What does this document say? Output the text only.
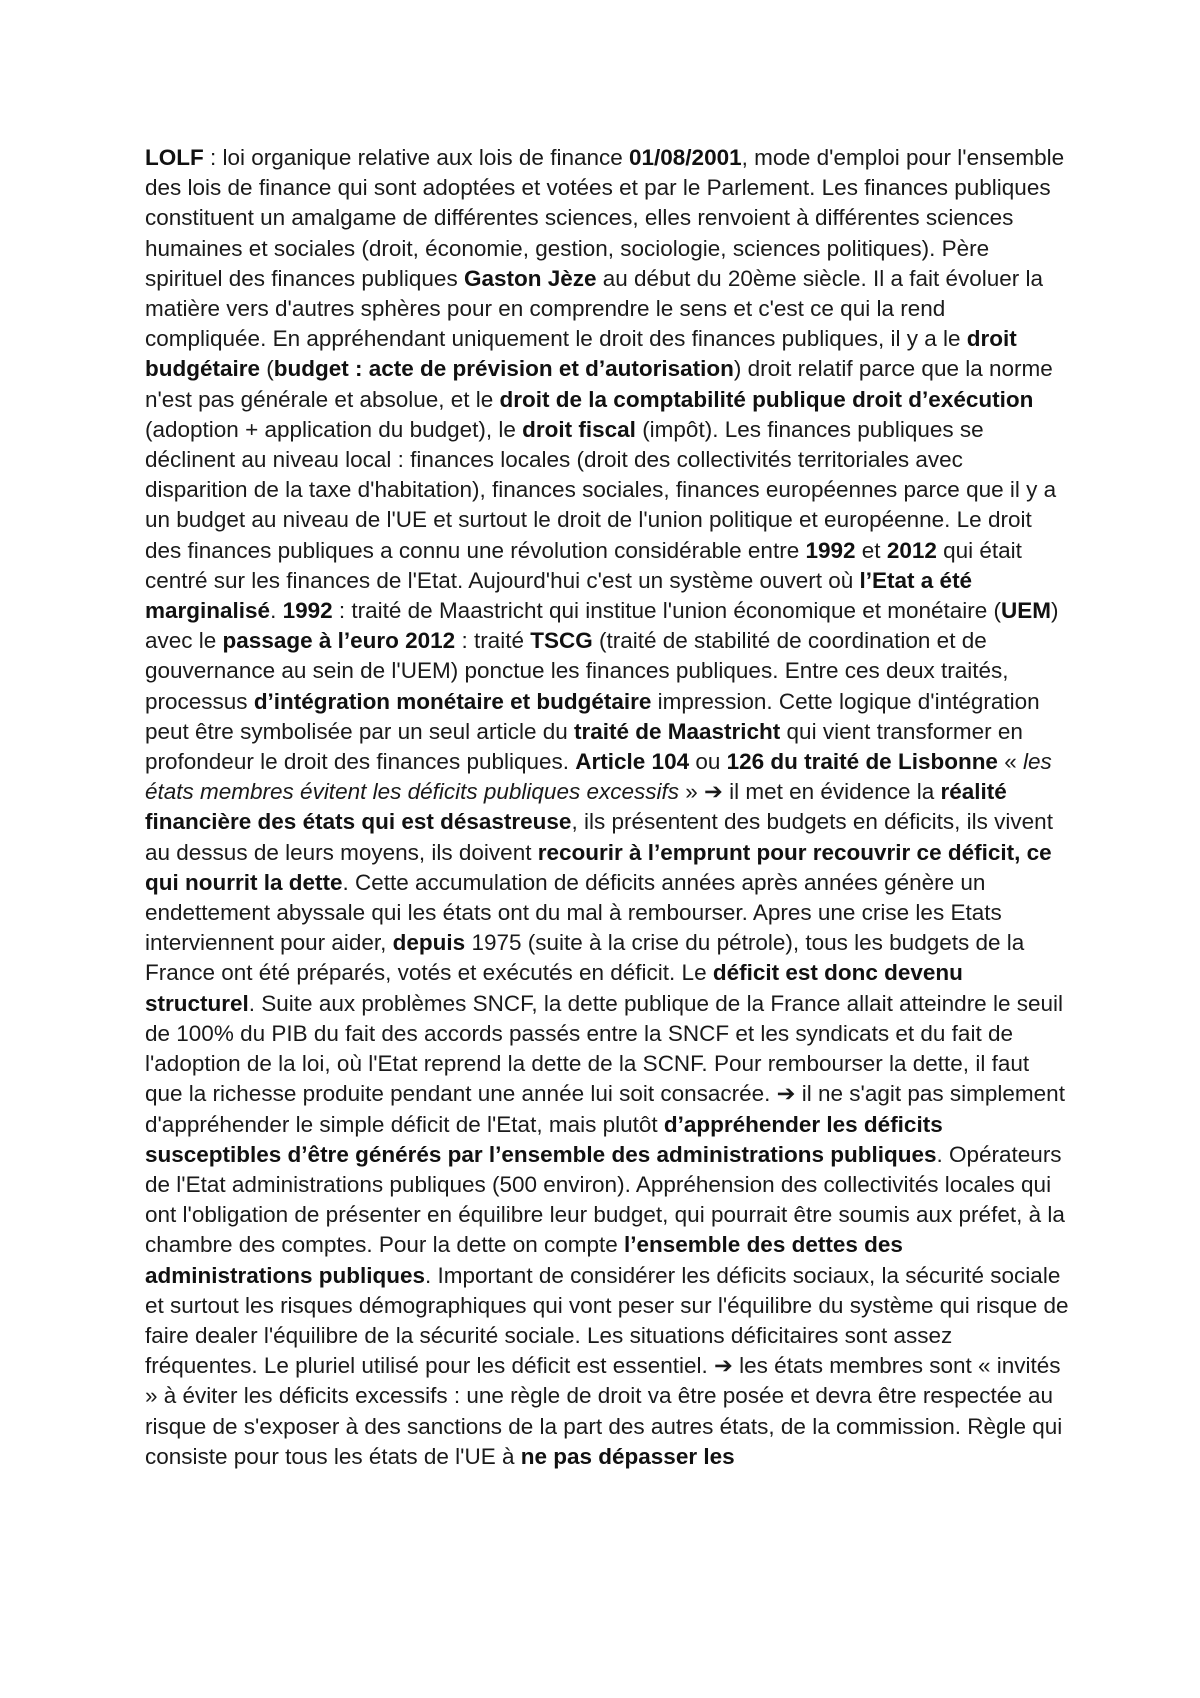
LOLF : loi organique relative aux lois de finance 01/08/2001, mode d'emploi pour l'ensemble des lois de finance qui sont adoptées et votées et par le Parlement. Les finances publiques constituent un amalgame de différentes sciences, elles renvoient à différentes sciences humaines et sociales (droit, économie, gestion, sociologie, sciences politiques). Père spirituel des finances publiques Gaston Jèze au début du 20ème siècle. Il a fait évoluer la matière vers d'autres sphères pour en comprendre le sens et c'est ce qui la rend compliquée. En appréhendant uniquement le droit des finances publiques, il y a le droit budgétaire (budget : acte de prévision et d’autorisation) droit relatif parce que la norme n'est pas générale et absolue, et le droit de la comptabilité publique droit d’exécution (adoption + application du budget), le droit fiscal (impôt). Les finances publiques se déclinent au niveau local : finances locales (droit des collectivités territoriales avec disparition de la taxe d'habitation), finances sociales, finances européennes parce que il y a un budget au niveau de l'UE et surtout le droit de l'union politique et européenne. Le droit des finances publiques a connu une révolution considérable entre 1992 et 2012 qui était centré sur les finances de l'Etat. Aujourd'hui c'est un système ouvert où l’Etat a été marginalisé. 1992 : traité de Maastricht qui institue l'union économique et monétaire (UEM) avec le passage à l’euro 2012 : traité TSCG (traité de stabilité de coordination et de gouvernance au sein de l'UEM) ponctue les finances publiques. Entre ces deux traités, processus d’intégration monétaire et budgétaire impression. Cette logique d'intégration peut être symbolisée par un seul article du traité de Maastricht qui vient transformer en profondeur le droit des finances publiques. Article 104 ou 126 du traité de Lisbonne « les états membres évitent les déficits publiques excessifs » ➔ il met en évidence la réalité financière des états qui est désastreuse, ils présentent des budgets en déficits, ils vivent au dessus de leurs moyens, ils doivent recourir à l’emprunt pour recouvrir ce déficit, ce qui nourrit la dette. Cette accumulation de déficits années après années génère un endettement abyssale qui les états ont du mal à rembourser. Apres une crise les Etats interviennent pour aider, depuis 1975 (suite à la crise du pétrole), tous les budgets de la France ont été préparés, votés et exécutés en déficit. Le déficit est donc devenu structurel. Suite aux problèmes SNCF, la dette publique de la France allait atteindre le seuil de 100% du PIB du fait des accords passés entre la SNCF et les syndicats et du fait de l'adoption de la loi, où l'Etat reprend la dette de la SCNF. Pour rembourser la dette, il faut que la richesse produite pendant une année lui soit consacrée. ➔ il ne s'agit pas simplement d'appréhender le simple déficit de l'Etat, mais plutôt d’appréhender les déficits susceptibles d’être générés par l’ensemble des administrations publiques. Opérateurs de l'Etat administrations publiques (500 environ). Appréhension des collectivités locales qui ont l'obligation de présenter en équilibre leur budget, qui pourrait être soumis aux préfet, à la chambre des comptes. Pour la dette on compte l’ensemble des dettes des administrations publiques. Important de considérer les déficits sociaux, la sécurité sociale et surtout les risques démographiques qui vont peser sur l'équilibre du système qui risque de faire dealer l'équilibre de la sécurité sociale. Les situations déficitaires sont assez fréquentes. Le pluriel utilisé pour les déficit est essentiel. ➔ les états membres sont « invités » à éviter les déficits excessifs : une règle de droit va être posée et devra être respectée au risque de s'exposer à des sanctions de la part des autres états, de la commission. Règle qui consiste pour tous les états de l'UE à ne pas dépasser les
